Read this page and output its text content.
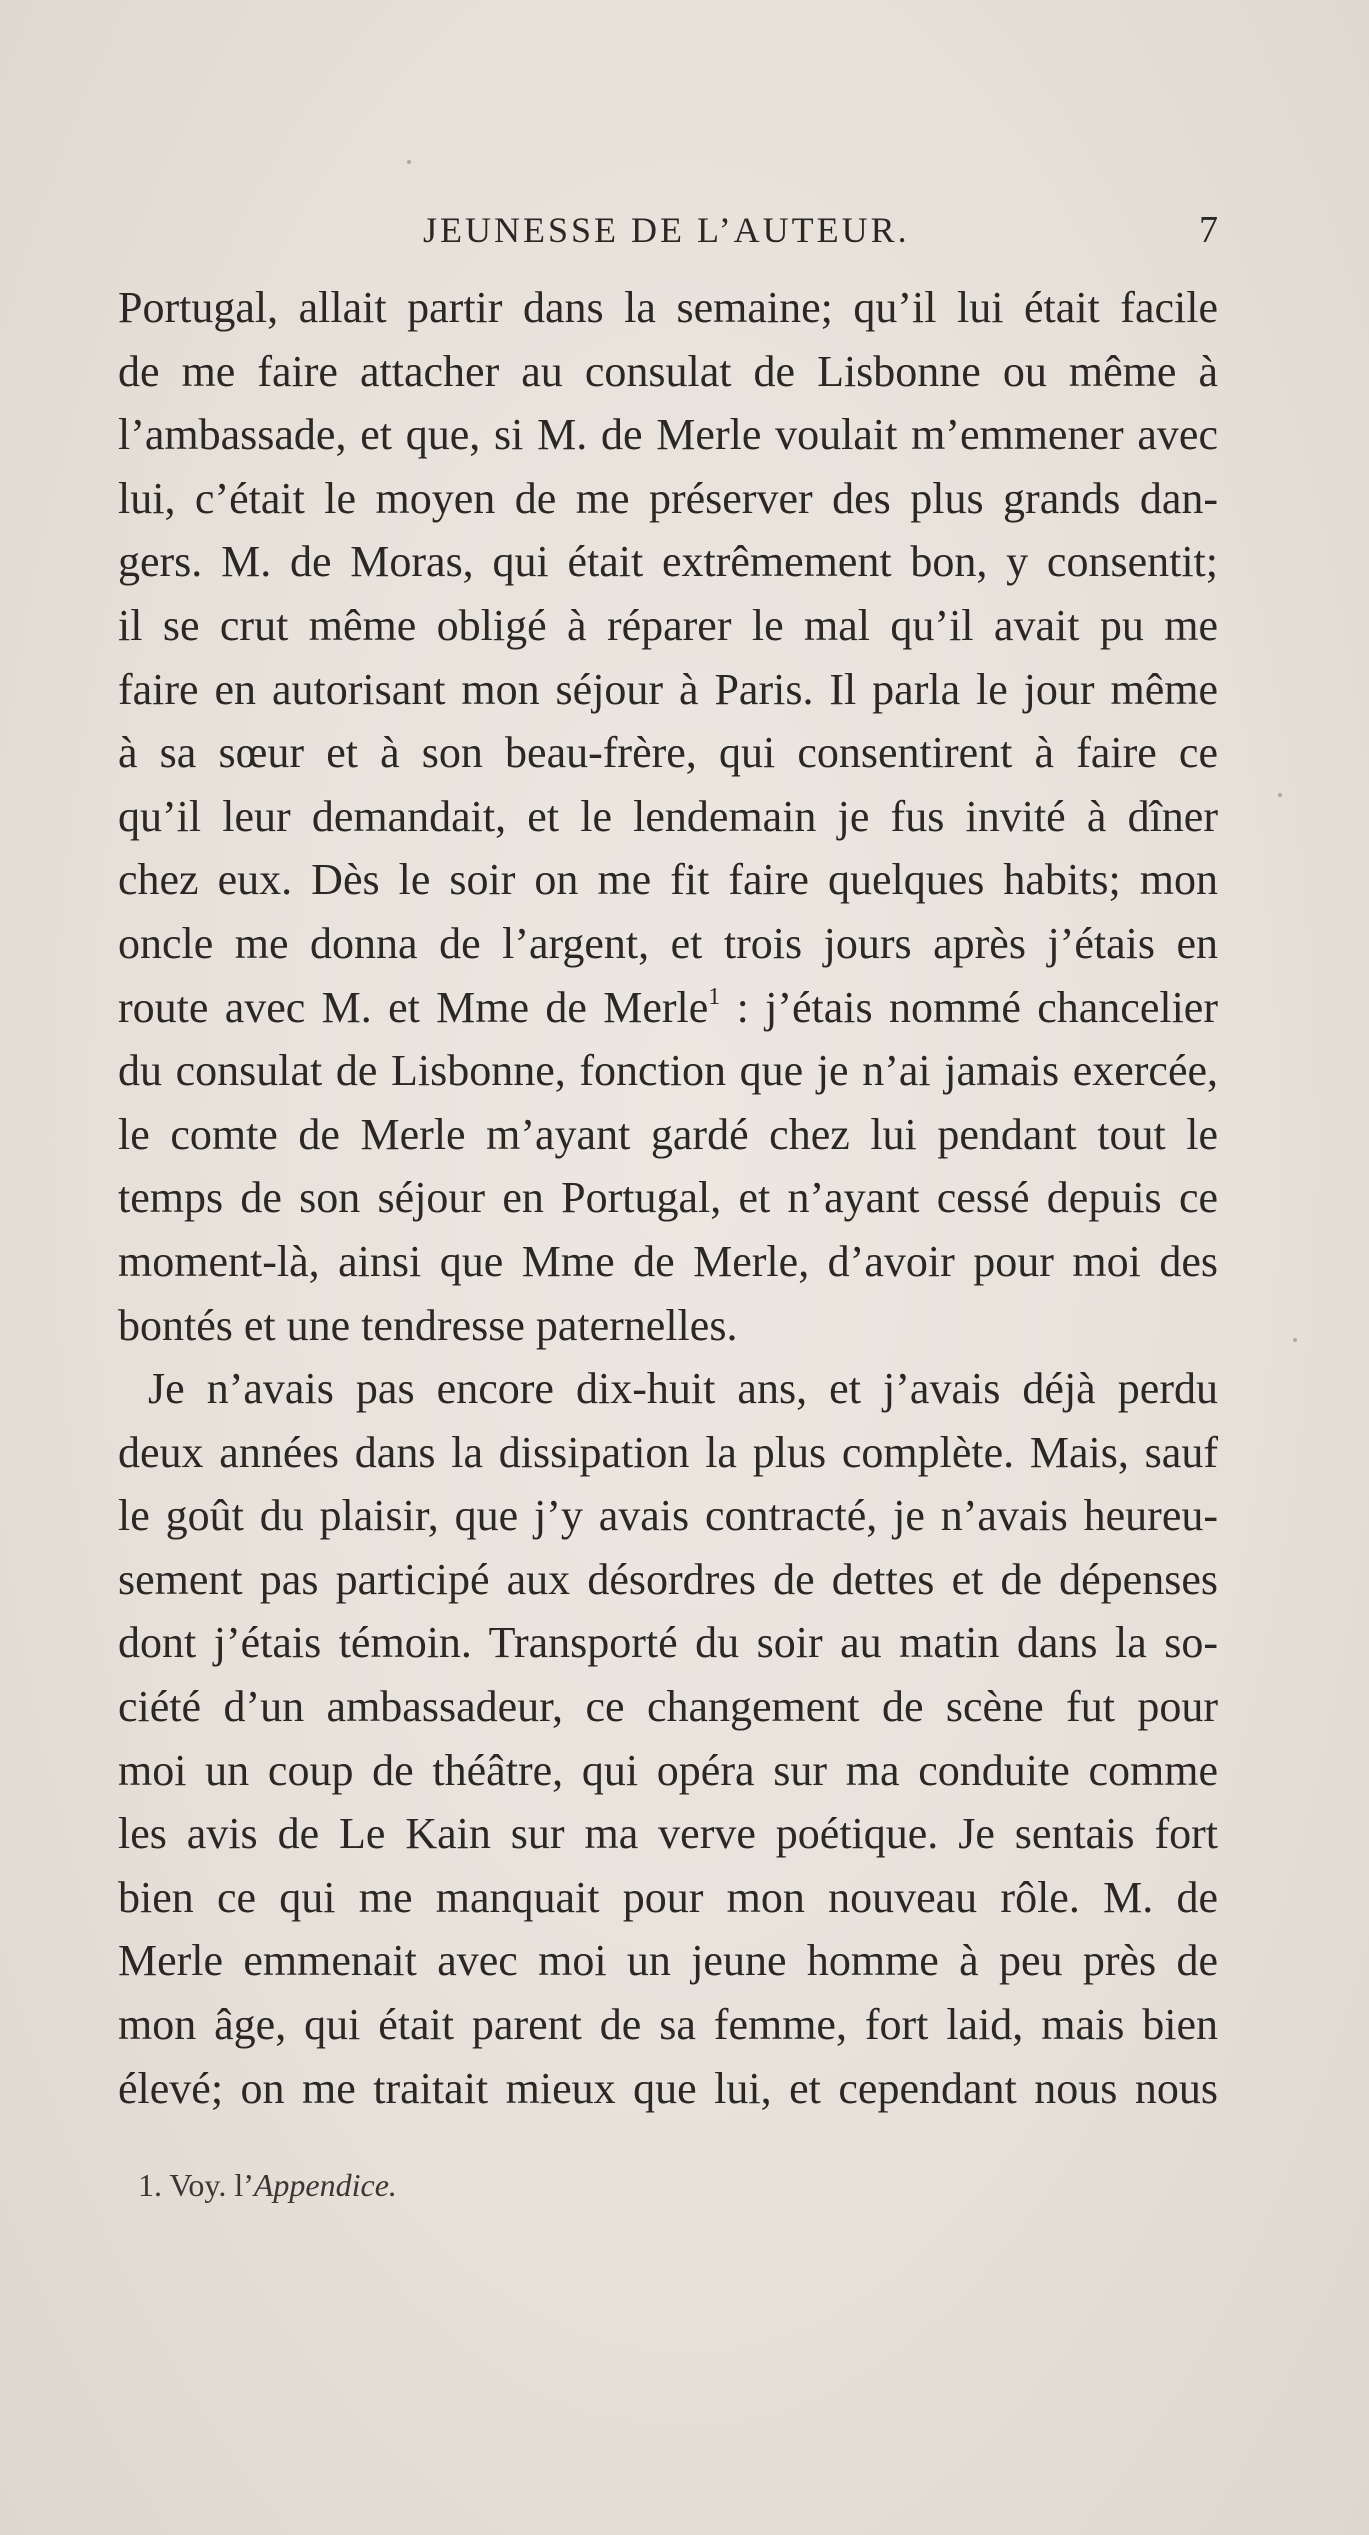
JEUNESSE DE L’AUTEUR.	7
Portugal, allait partir dans la semaine; qu’il lui était facile
de me faire attacher au consulat de Lisbonne ou même à
l’ambassade, et que, si M. de Merle voulait m’emmener avec
lui, c’était le moyen de me préserver des plus grands dan-
gers. M. de Moras, qui était extrêmement bon, y consentit;
il se crut même obligé à réparer le mal qu’il avait pu me
faire en autorisant mon séjour à Paris. Il parla le jour même
à sa sœur et à son beau-frère, qui consentirent à faire ce
qu’il leur demandait, et le lendemain je fus invité à dîner
chez eux. Dès le soir on me fit faire quelques habits; mon
oncle me donna de l’argent, et trois jours après j’étais en
route avec M. et Mme de Merle$^1$ : j’étais nommé chancelier
du consulat de Lisbonne, fonction que je n’ai jamais exercée,
le comte de Merle m’ayant gardé chez lui pendant tout le
temps de son séjour en Portugal, et n’ayant cessé depuis ce
moment-là, ainsi que Mme de Merle, d’avoir pour moi des
bontés et une tendresse paternelles.
Je n’avais pas encore dix-huit ans, et j’avais déjà perdu
deux années dans la dissipation la plus complète. Mais, sauf
le goût du plaisir, que j’y avais contracté, je n’avais heureu-
sement pas participé aux désordres de dettes et de dépenses
dont j’étais témoin. Transporté du soir au matin dans la so-
ciété d’un ambassadeur, ce changement de scène fut pour
moi un coup de théâtre, qui opéra sur ma conduite comme
les avis de Le Kain sur ma verve poétique. Je sentais fort
bien ce qui me manquait pour mon nouveau rôle. M. de
Merle emmenait avec moi un jeune homme à peu près de
mon âge, qui était parent de sa femme, fort laid, mais bien
élevé; on me traitait mieux que lui, et cependant nous nous
1. Voy. l’Appendice.
